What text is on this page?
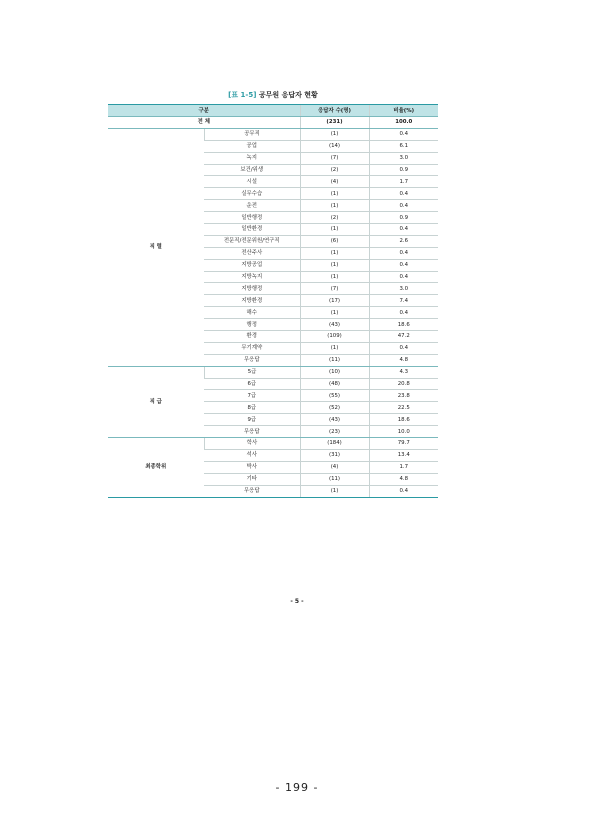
[표 1-5] 공무원 응답자 현황
구분		응답자 수(명)	비율(%)
전 체		(231)	100.0
직 렬	공무직	(1)	0.4
	공업	(14)	6.1
	녹지	(7)	3.0
	보건/위생	(2)	0.9
	시설	(4)	1.7
	실무수습	(1)	0.4
	운전	(1)	0.4
	일반행정	(2)	0.9
	일반환경	(1)	0.4
	전문직/전문위원/연구직	(6)	2.6
	전산주사	(1)	0.4
	지방공업	(1)	0.4
	지방녹지	(1)	0.4
	지방행정	(7)	3.0
	지방환경	(17)	7.4
	해수	(1)	0.4
	행정	(43)	18.6
	환경	(109)	47.2
	무기계약	(1)	0.4
	무응답	(11)	4.8
직 급	5급	(10)	4.3
	6급	(48)	20.8
	7급	(55)	23.8
	8급	(52)	22.5
	9급	(43)	18.6
	무응답	(23)	10.0
최종학위	학사	(184)	79.7
	석사	(31)	13.4
	박사	(4)	1.7
	기타	(11)	4.8
	무응답	(1)	0.4
- 5 -
- 199 -
